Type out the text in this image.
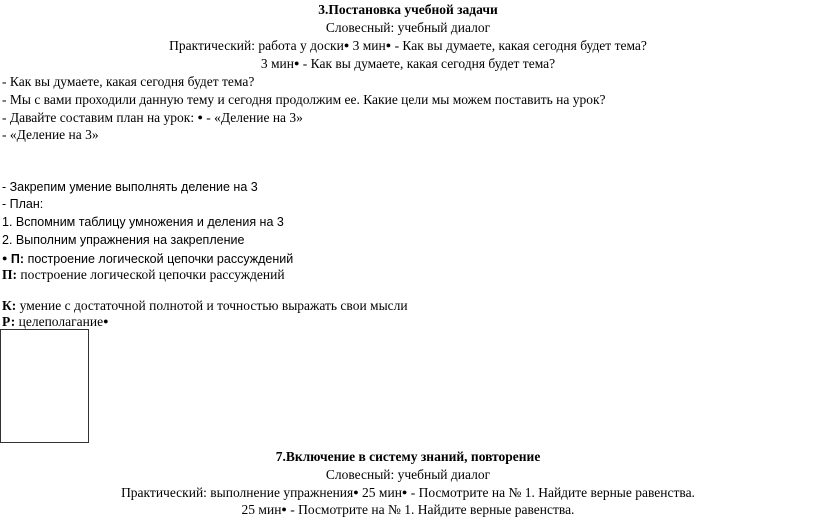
3.Постановка учебной задачи
Словесный: учебный диалог
Практический: работа у доски● 3 мин● - Как вы думаете, какая сегодня будет тема?
3 мин● - Как вы думаете, какая сегодня будет тема?
- Как вы думаете, какая сегодня будет тема?
- Мы с вами проходили данную тему и сегодня продолжим ее. Какие цели мы можем поставить на урок?
- Давайте составим план на урок: ● - «Деление на 3»
- «Деление на 3»
- Закрепим умение выполнять деление на 3
- План:
1. Вспомним таблицу умножения и деления на 3
2. Выполним упражнения на закрепление
● П: построение логической цепочки рассуждений
П: построение логической цепочки рассуждений
К: умение с достаточной полнотой и точностью выражать свои мысли
Р: целеполагание●
7.Включение в систему знаний, повторение
Словесный: учебный диалог
Практический: выполнение упражнения● 25 мин● - Посмотрите на № 1. Найдите верные равенства.
25 мин● - Посмотрите на № 1. Найдите верные равенства.
